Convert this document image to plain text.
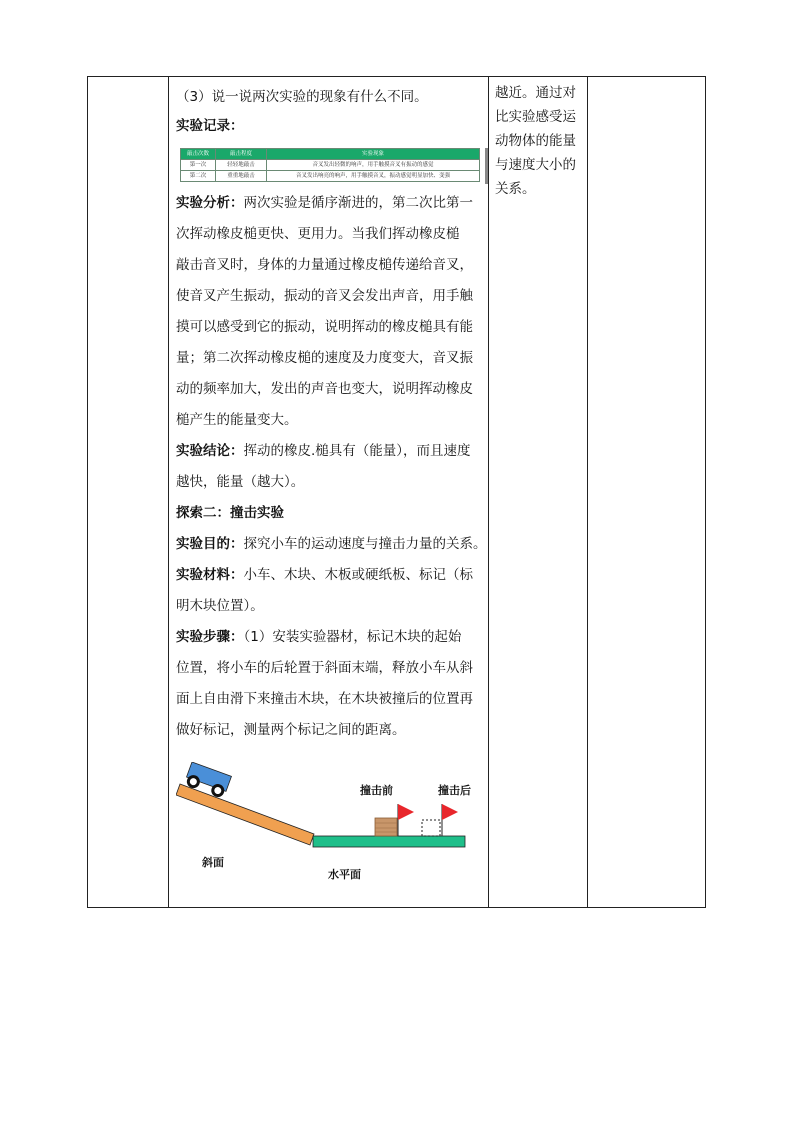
（3）说一说两次实验的现象有什么不同。

实验记录：

敲击次数	敲击程度	实验现象
第一次	轻轻地敲击	音叉发出轻微的响声，用手触摸音叉有振动的感觉
第二次	重重地敲击	音叉发出响亮的响声，用手触摸音叉，振动感觉明显加快、变强

实验分析：两次实验是循序渐进的，第二次比第一

次挥动橡皮槌更快、更用力。当我们挥动橡皮槌

敲击音叉时，身体的力量通过橡皮槌传递给音叉，

使音叉产生振动，振动的音叉会发出声音，用手触

摸可以感受到它的振动，说明挥动的橡皮槌具有能

量；第二次挥动橡皮槌的速度及力度变大，音叉振

动的频率加大，发出的声音也变大，说明挥动橡皮

槌产生的能量变大。

实验结论：挥动的橡皮.槌具有（能量），而且速度

越快，能量（越大）。

探索二：撞击实验

实验目的：探究小车的运动速度与撞击力量的关系。

实验材料：小车、木块、木板或硬纸板、标记（标

明木块位置）。

实验步骤：（1）安装实验器材，标记木块的起始

位置，将小车的后轮置于斜面末端，释放小车从斜

面上自由滑下来撞击木块，在木块被撞后的位置再

做好标记，测量两个标记之间的距离。

撞击前	撞击后
斜面
水平面
越近。通过对
比实验感受运
动物体的能量
与速度大小的
关系。
